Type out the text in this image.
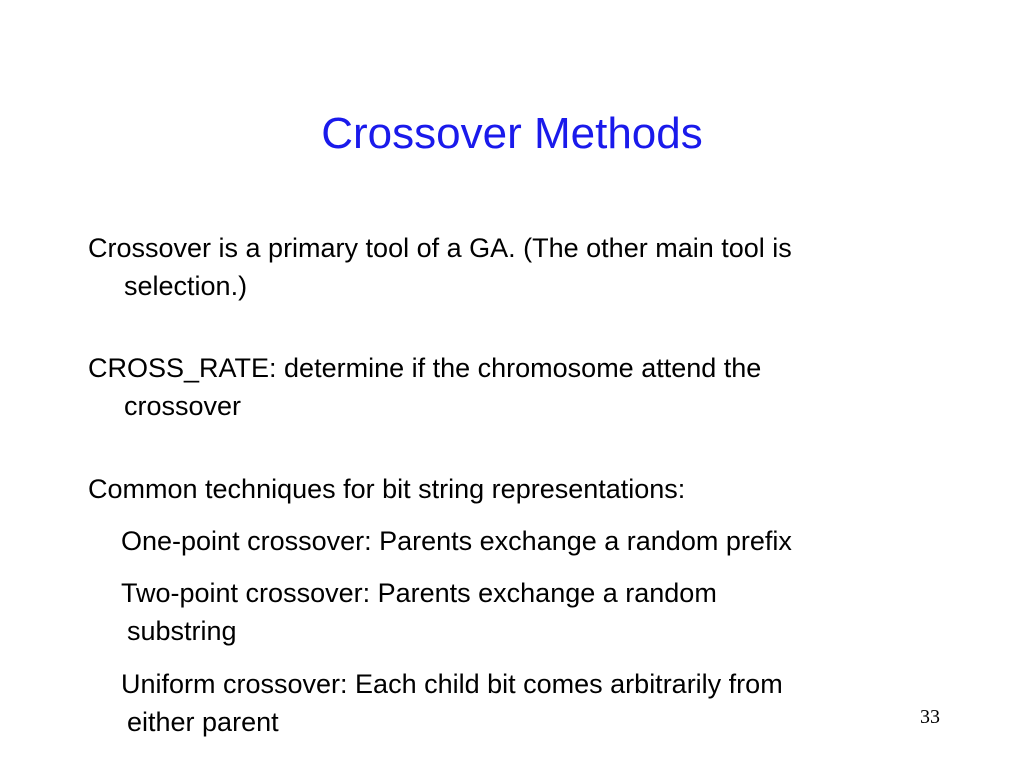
Crossover Methods

Crossover is a primary tool of a GA. (The other main tool is
selection.)

CROSS_RATE: determine if the chromosome attend the
crossover

Common techniques for bit string representations:

One-point crossover: Parents exchange a random prefix

Two-point crossover: Parents exchange a random
substring

Uniform crossover: Each child bit comes arbitrarily from
either parent	33
